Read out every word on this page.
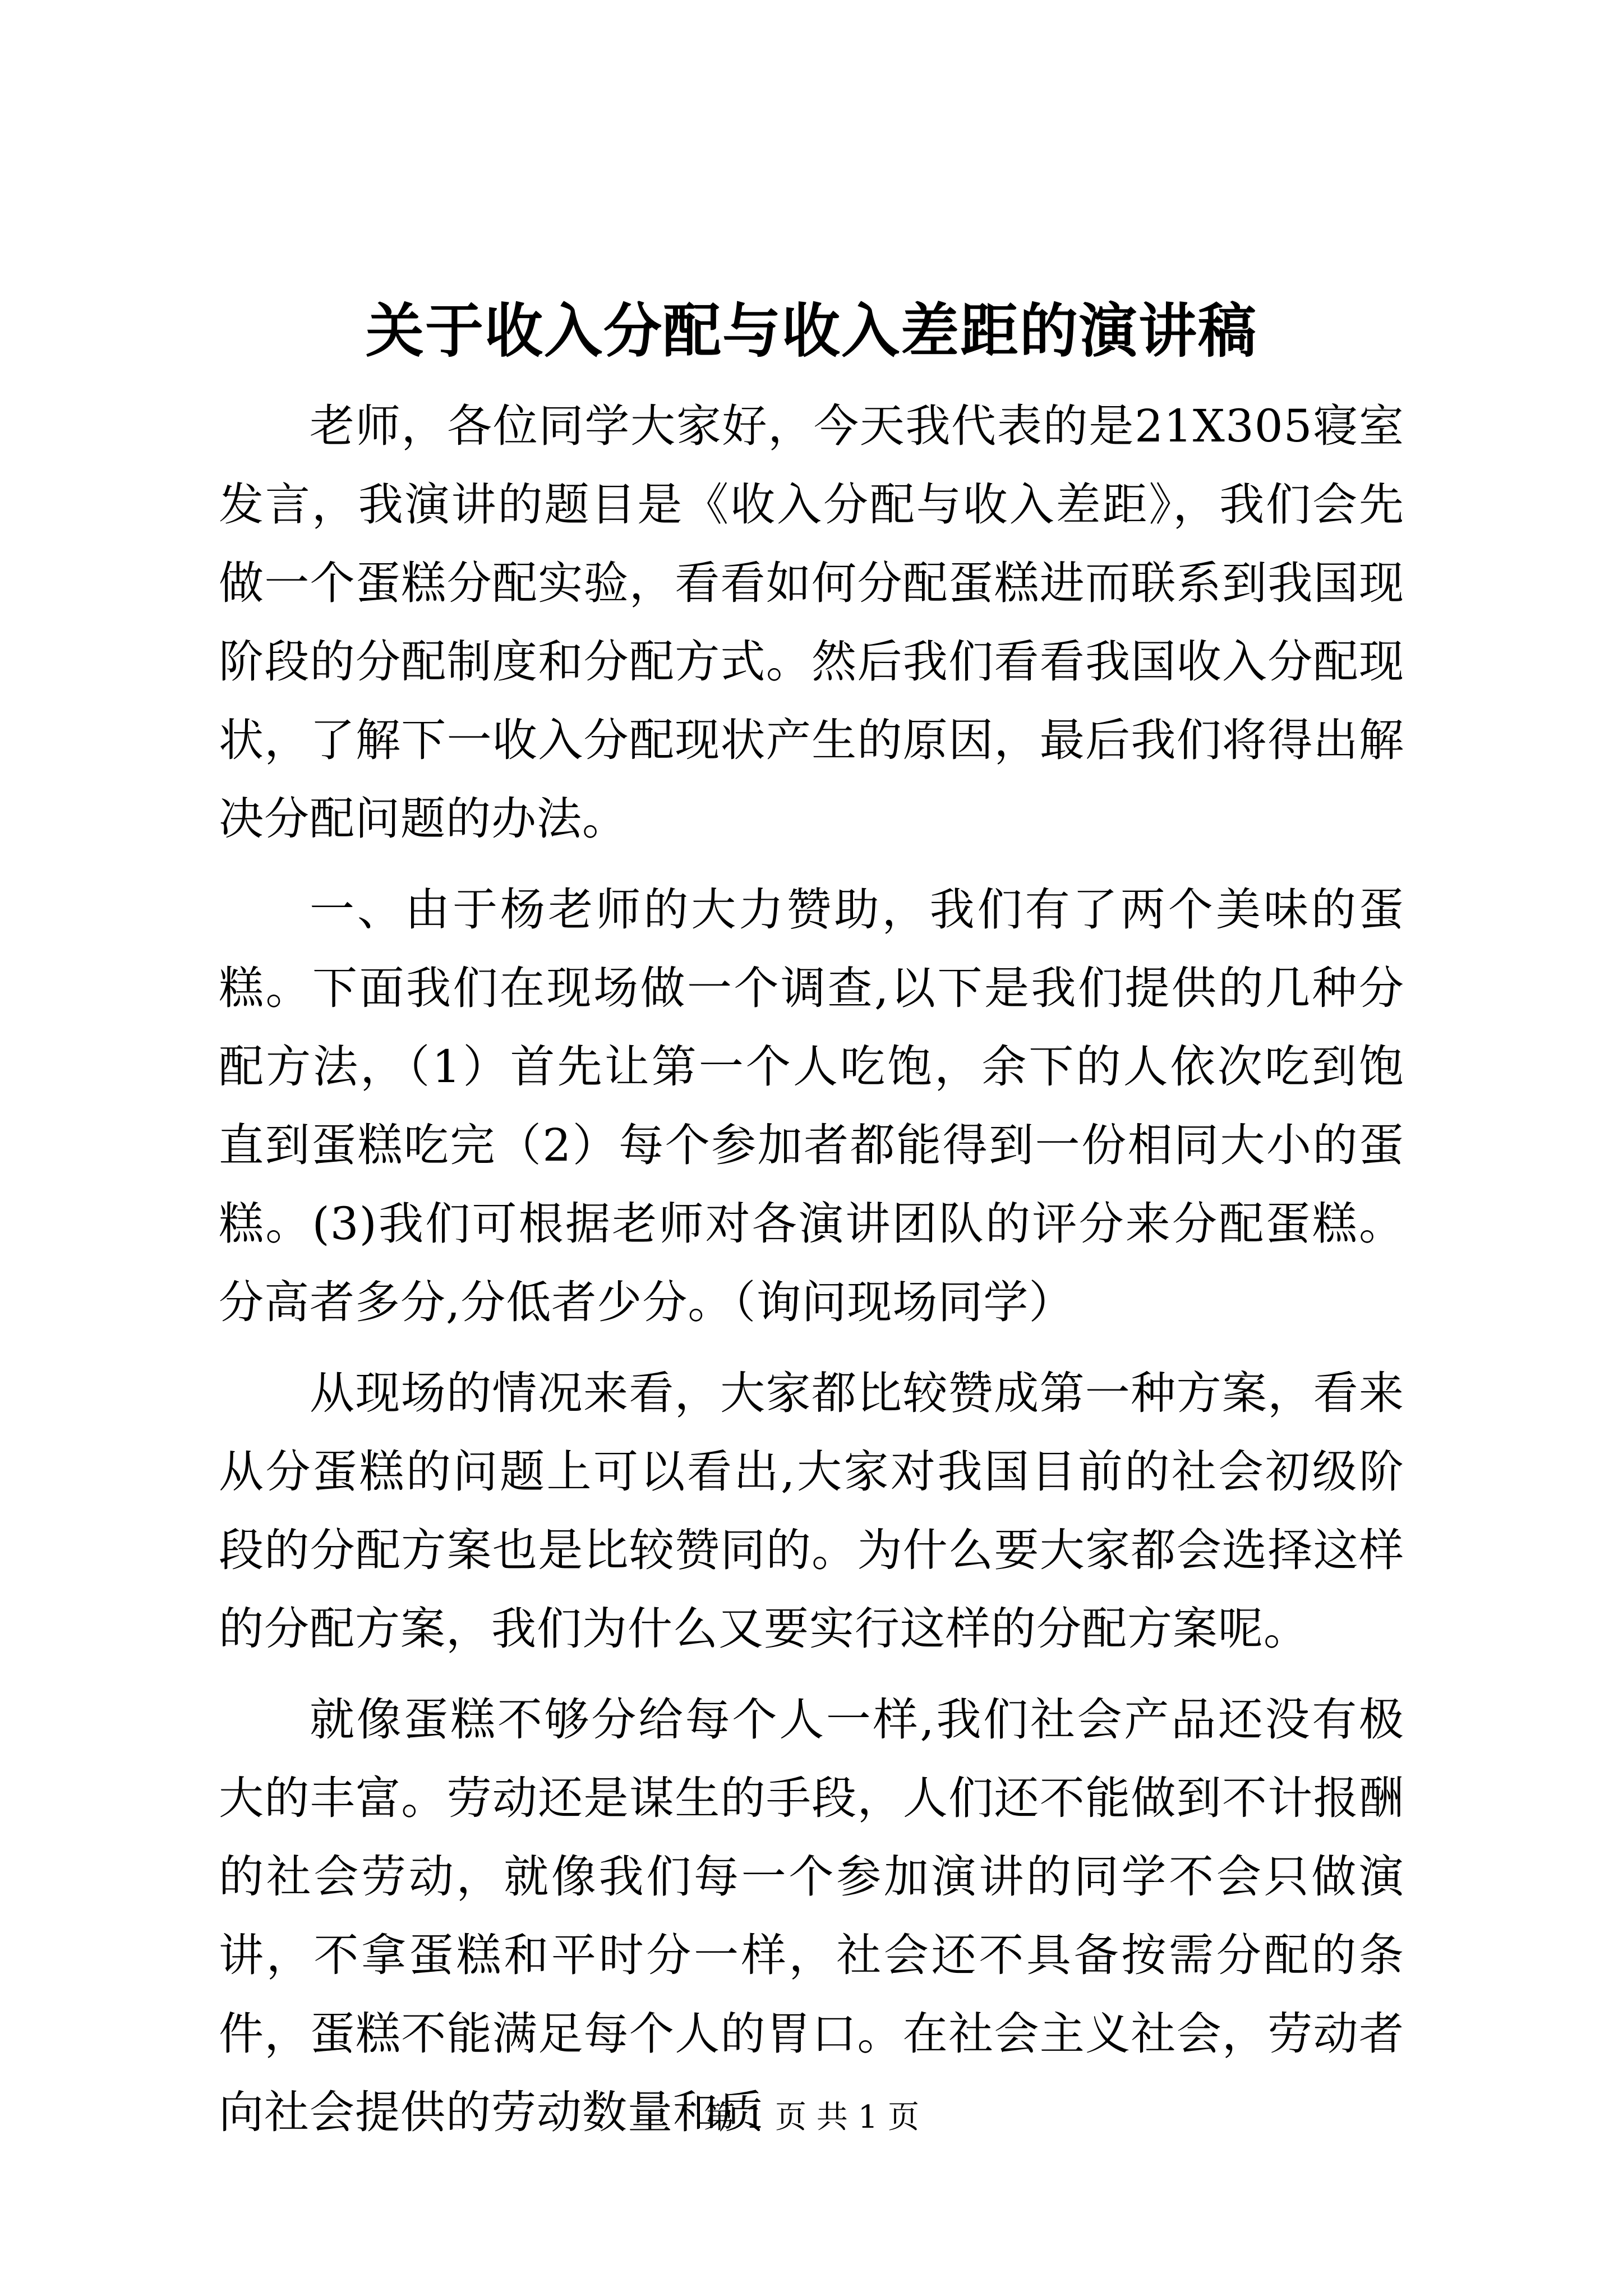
关于收入分配与收入差距的演讲稿

老师，各位同学大家好，今天我代表的是21X305寝室发言，我演讲的题目是《收入分配与收入差距》，我们会先做一个蛋糕分配实验，看看如何分配蛋糕进而联系到我国现阶段的分配制度和分配方式。然后我们看看我国收入分配现状，了解下一收入分配现状产生的原因，最后我们将得出解决分配问题的办法。

一、由于杨老师的大力赞助，我们有了两个美味的蛋糕。下面我们在现场做一个调查,以下是我们提供的几种分配方法，（1）首先让第一个人吃饱，余下的人依次吃到饱直到蛋糕吃完（2）每个参加者都能得到一份相同大小的蛋糕。(3)我们可根据老师对各演讲团队的评分来分配蛋糕。分高者多分,分低者少分。（询问现场同学）

从现场的情况来看，大家都比较赞成第一种方案，看来从分蛋糕的问题上可以看出,大家对我国目前的社会初级阶段的分配方案也是比较赞同的。为什么要大家都会选择这样的分配方案，我们为什么又要实行这样的分配方案呢。

就像蛋糕不够分给每个人一样,我们社会产品还没有极大的丰富。劳动还是谋生的手段，人们还不能做到不计报酬的社会劳动，就像我们每一个参加演讲的同学不会只做演讲，不拿蛋糕和平时分一样，社会还不具备按需分配的条件，蛋糕不能满足每个人的胃口。在社会主义社会，劳动者向社会提供的劳动数量和质

第 1 页 共 1 页
